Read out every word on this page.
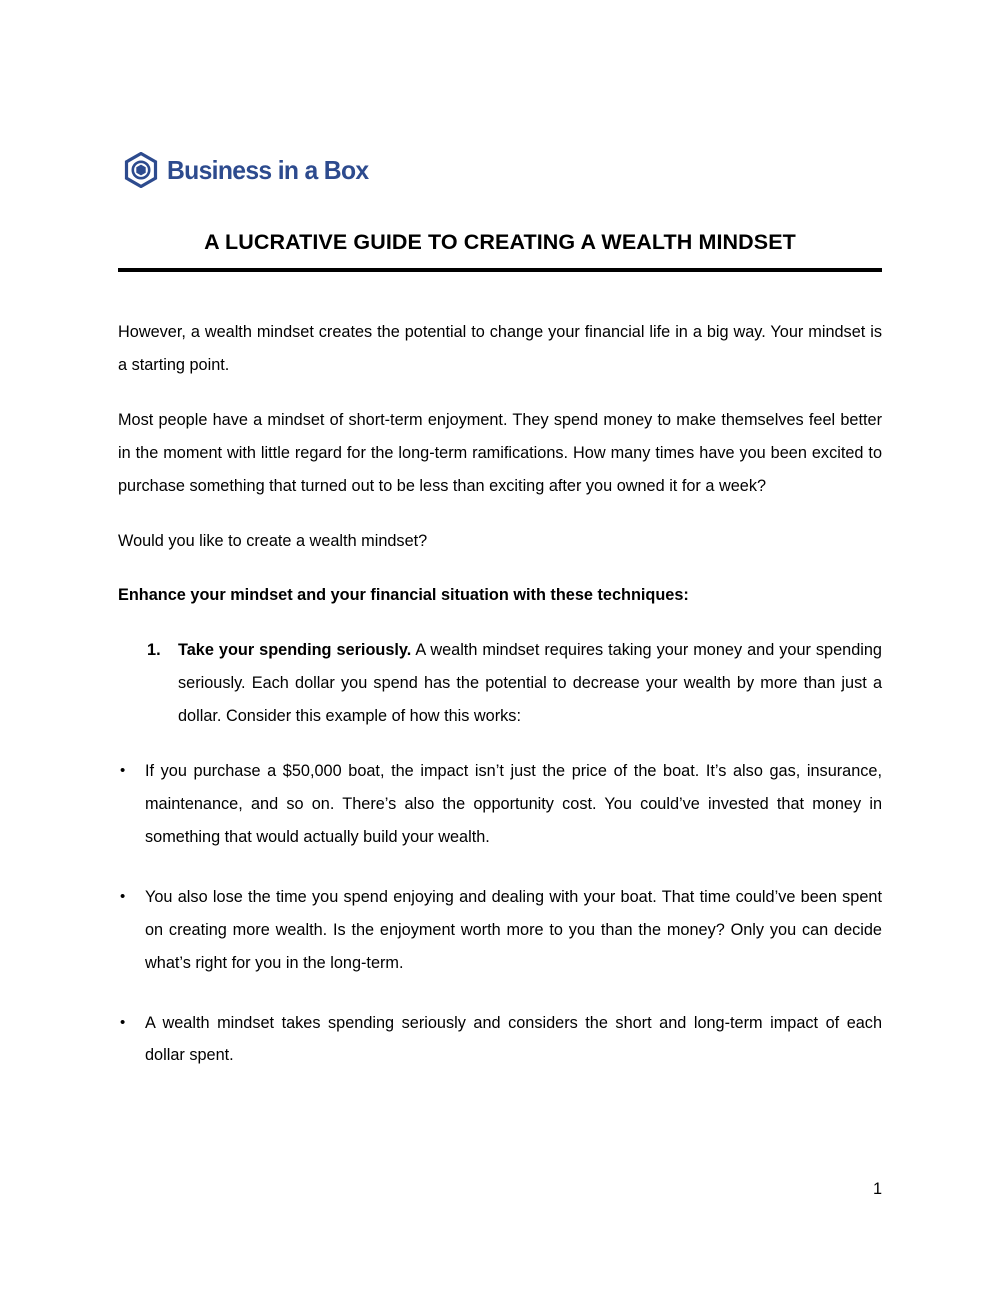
Business in a Box
A LUCRATIVE GUIDE TO CREATING A WEALTH MINDSET

However, a wealth mindset creates the potential to change your financial life in a big way. Your mindset is a starting point.

Most people have a mindset of short-term enjoyment. They spend money to make themselves feel better in the moment with little regard for the long-term ramifications. How many times have you been excited to purchase something that turned out to be less than exciting after you owned it for a week?

Would you like to create a wealth mindset?

Enhance your mindset and your financial situation with these techniques:

Take your spending seriously. A wealth mindset requires taking your money and your spending seriously. Each dollar you spend has the potential to decrease your wealth by more than just a dollar. Consider this example of how this works:
• If you purchase a $50,000 boat, the impact isn’t just the price of the boat. It’s also gas, insurance, maintenance, and so on. There’s also the opportunity cost. You could’ve invested that money in something that would actually build your wealth.
• You also lose the time you spend enjoying and dealing with your boat. That time could’ve been spent on creating more wealth. Is the enjoyment worth more to you than the money? Only you can decide what’s right for you in the long-term.
• A wealth mindset takes spending seriously and considers the short and long-term impact of each dollar spent.
1
